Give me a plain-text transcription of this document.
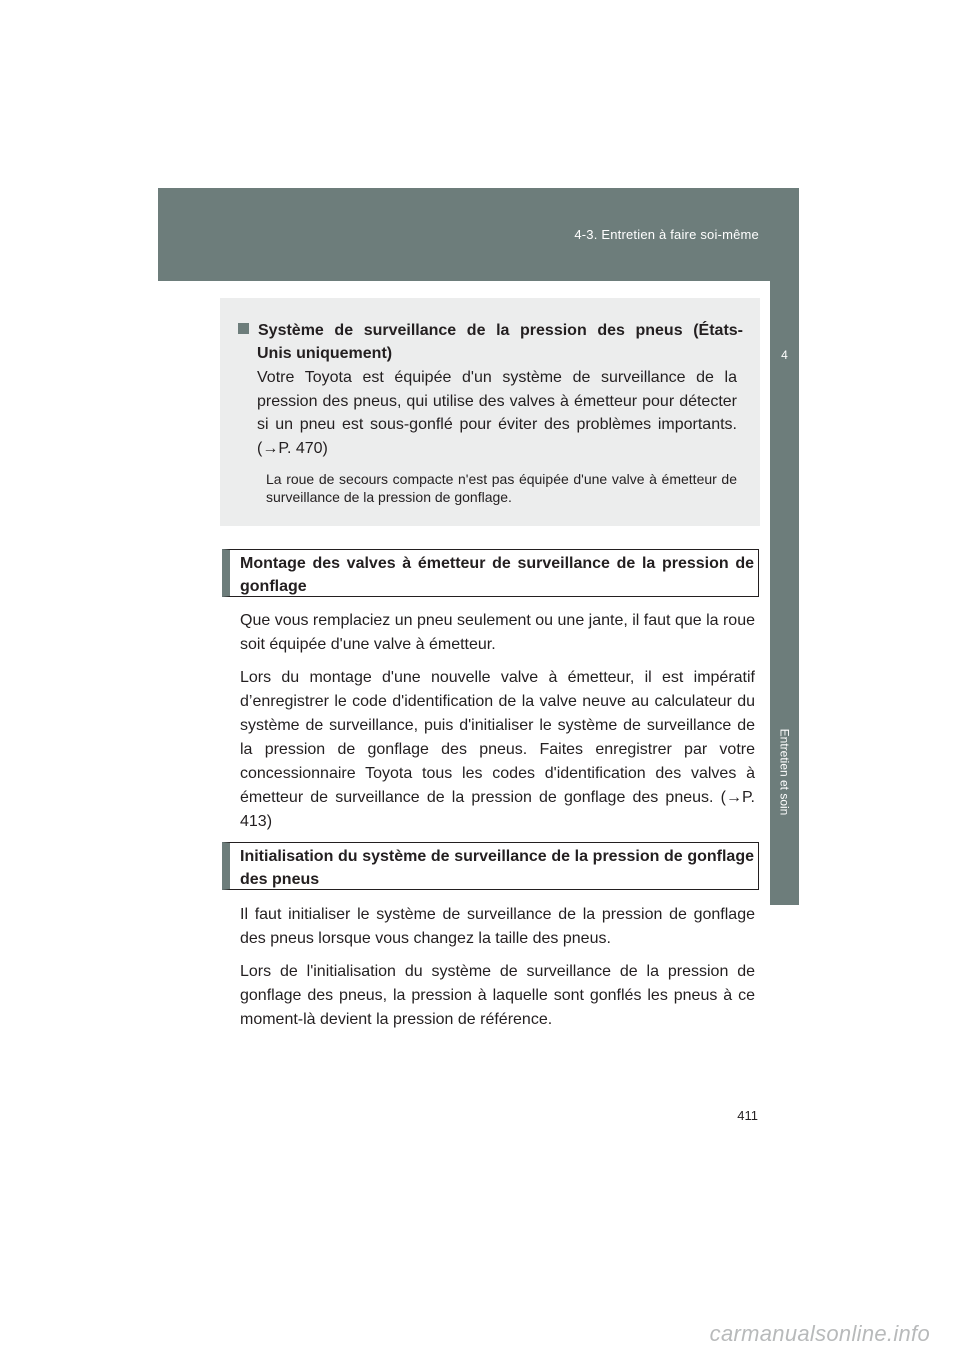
4-3. Entretien à faire soi-même
4
Entretien et soin
Système de surveillance de la pression des pneus (États-
Unis uniquement)
Votre Toyota est équipée d'un système de surveillance de la pression des pneus, qui utilise des valves à émetteur pour détecter si un pneu est sous-gonflé pour éviter des problèmes importants. (→P. 470)
La roue de secours compacte n'est pas équipée d'une valve à émetteur de surveillance de la pression de gonflage.
Montage des valves à émetteur de surveillance de la pression de gonflage
Que vous remplaciez un pneu seulement ou une jante, il faut que la roue soit équipée d'une valve à émetteur.
Lors du montage d'une nouvelle valve à émetteur, il est impératif d’enregistrer le code d'identification de la valve neuve au calculateur du système de surveillance, puis d'initialiser le système de surveillance de la pression de gonflage des pneus. Faites enregistrer par votre concessionnaire Toyota tous les codes d'identification des valves à émetteur de surveillance de la pression de gonflage des pneus. (→P. 413)
Initialisation du système de surveillance de la pression de gonflage des pneus
Il faut initialiser le système de surveillance de la pression de gonflage des pneus lorsque vous changez la taille des pneus.
Lors de l'initialisation du système de surveillance de la pression de gonflage des pneus, la pression à laquelle sont gonflés les pneus à ce moment-là devient la pression de référence.
411
carmanualsonline.info
